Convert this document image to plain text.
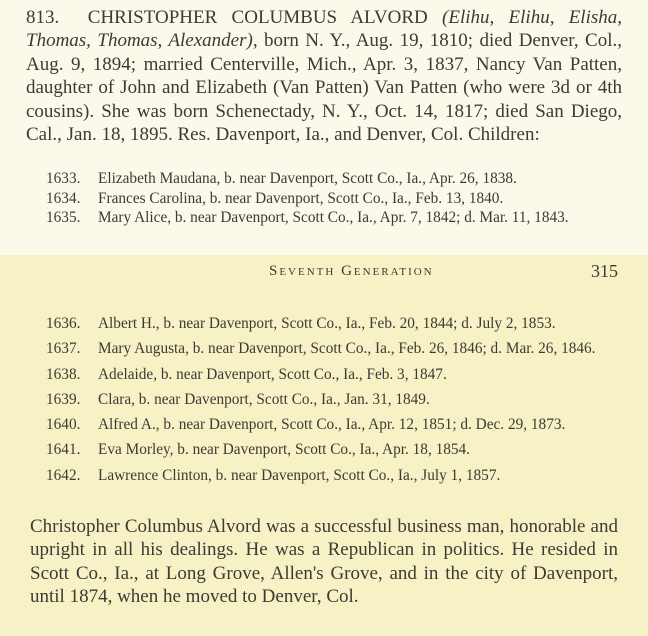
813. CHRISTOPHER COLUMBUS ALVORD (Elihu, Elihu, Elisha, Thomas, Thomas, Alexander), born N. Y., Aug. 19, 1810; died Denver, Col., Aug. 9, 1894; married Centerville, Mich., Apr. 3, 1837, Nancy Van Patten, daughter of John and Elizabeth (Van Patten) Van Patten (who were 3d or 4th cousins). She was born Schenectady, N. Y., Oct. 14, 1817; died San Diego, Cal., Jan. 18, 1895. Res. Davenport, Ia., and Denver, Col. Children:

1633. Elizabeth Maudana, b. near Davenport, Scott Co., Ia., Apr. 26, 1838.
1634. Frances Carolina, b. near Davenport, Scott Co., Ia., Feb. 13, 1840.
1635. Mary Alice, b. near Davenport, Scott Co., Ia., Apr. 7, 1842; d. Mar. 11, 1843.
Seventh Generation	315
1636. Albert H., b. near Davenport, Scott Co., Ia., Feb. 20, 1844; d. July 2, 1853.
1637. Mary Augusta, b. near Davenport, Scott Co., Ia., Feb. 26, 1846; d. Mar. 26, 1846.
1638. Adelaide, b. near Davenport, Scott Co., Ia., Feb. 3, 1847.
1639. Clara, b. near Davenport, Scott Co., Ia., Jan. 31, 1849.
1640. Alfred A., b. near Davenport, Scott Co., Ia., Apr. 12, 1851; d. Dec. 29, 1873.
1641. Eva Morley, b. near Davenport, Scott Co., Ia., Apr. 18, 1854.
1642. Lawrence Clinton, b. near Davenport, Scott Co., Ia., July 1, 1857.

Christopher Columbus Alvord was a successful business man, honorable and upright in all his dealings. He was a Republican in politics. He resided in Scott Co., Ia., at Long Grove, Allen's Grove, and in the city of Davenport, until 1874, when he moved to Denver, Col.
